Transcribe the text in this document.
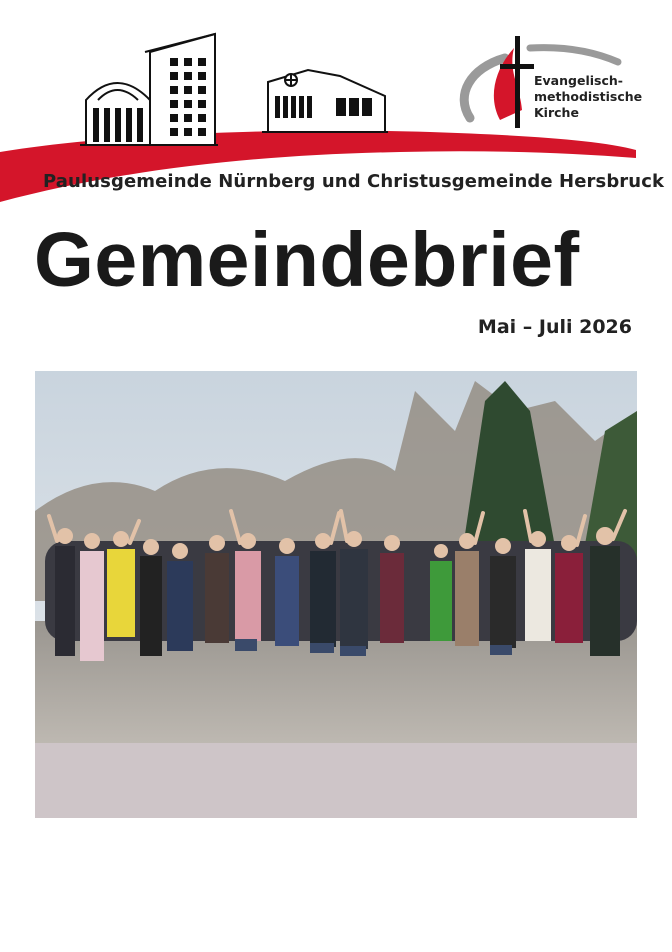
Evangelisch-
methodistische
Kirche
Paulusgemeinde Nürnberg und Christusgemeinde Hersbruck
Gemeindebrief
Mai – Juli 2026
